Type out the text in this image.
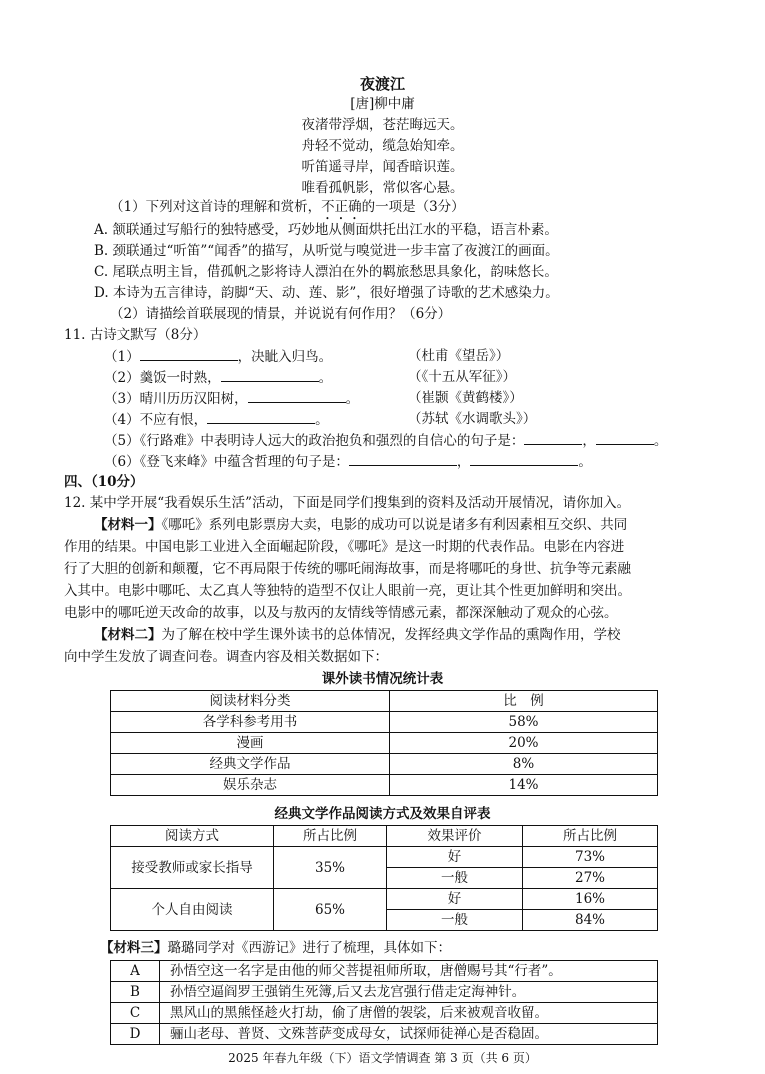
夜渡江
[唐]柳中庸
夜渚带浮烟，苍茫晦远天。
舟轻不觉动，缆急始知牵。
听笛遥寻岸，闻香暗识莲。
唯看孤帆影，常似客心悬。
（1）下列对这首诗的理解和赏析，不正确的一项是（3分）
A. 颔联通过写船行的独特感受，巧妙地从侧面烘托出江水的平稳，语言朴素。
B. 颈联通过“听笛”“闻香”的描写，从听觉与嗅觉进一步丰富了夜渡江的画面。
C. 尾联点明主旨，借孤帆之影将诗人漂泊在外的羁旅愁思具象化，韵味悠长。
D. 本诗为五言律诗，韵脚“天、动、莲、影”，很好增强了诗歌的艺术感染力。
（2）请描绘首联展现的情景，并说说有何作用？（6分）
11. 古诗文默写（8分）
（1）	，决眦入归鸟。	（杜甫《望岳》）
（2）羹饭一时熟，	。	（《十五从军征》）
（3）晴川历历汉阳树，	。	（崔颢《黄鹤楼》）
（4）不应有恨，	。	（苏轼《水调歌头》）
（5）《行路难》中表明诗人远大的政治抱负和强烈的自信心的句子是：	，	。
（6）《登飞来峰》中蕴含哲理的句子是：	，	。
四、（10分）
12. 某中学开展“我看娱乐生活”活动，下面是同学们搜集到的资料及活动开展情况，请你加入。
【材料一】《哪吒》系列电影票房大卖，电影的成功可以说是诸多有利因素相互交织、共同
作用的结果。中国电影工业进入全面崛起阶段，《哪吒》是这一时期的代表作品。电影在内容进
行了大胆的创新和颠覆，它不再局限于传统的哪吒闹海故事，而是将哪吒的身世、抗争等元素融
入其中。电影中哪吒、太乙真人等独特的造型不仅让人眼前一亮，更让其个性更加鲜明和突出。
电影中的哪吒逆天改命的故事，以及与敖丙的友情线等情感元素，都深深触动了观众的心弦。
【材料二】为了解在校中学生课外读书的总体情况，发挥经典文学作品的熏陶作用，学校
向中学生发放了调查问卷。调查内容及相关数据如下：
课外读书情况统计表
阅读材料分类	比　例
各学科参考用书	58%
漫画	20%
经典文学作品	8%
娱乐杂志	14%
经典文学作品阅读方式及效果自评表
阅读方式	所占比例	效果评价	所占比例
接受教师或家长指导	35%	好	73%
		一般	27%
个人自由阅读	65%	好	16%
		一般	84%
【材料三】璐璐同学对《西游记》进行了梳理，具体如下：
A	孙悟空这一名字是由他的师父菩提祖师所取，唐僧赐号其“行者”。
B	孙悟空逼阎罗王强销生死簿,后又去龙宫强行借走定海神针。
C	黑风山的黑熊怪趁火打劫，偷了唐僧的袈裟，后来被观音收留。
D	骊山老母、普贤、文殊菩萨变成母女，试探师徒禅心是否稳固。
2025 年春九年级（下）语文学情调查 第 3 页（共 6 页）
